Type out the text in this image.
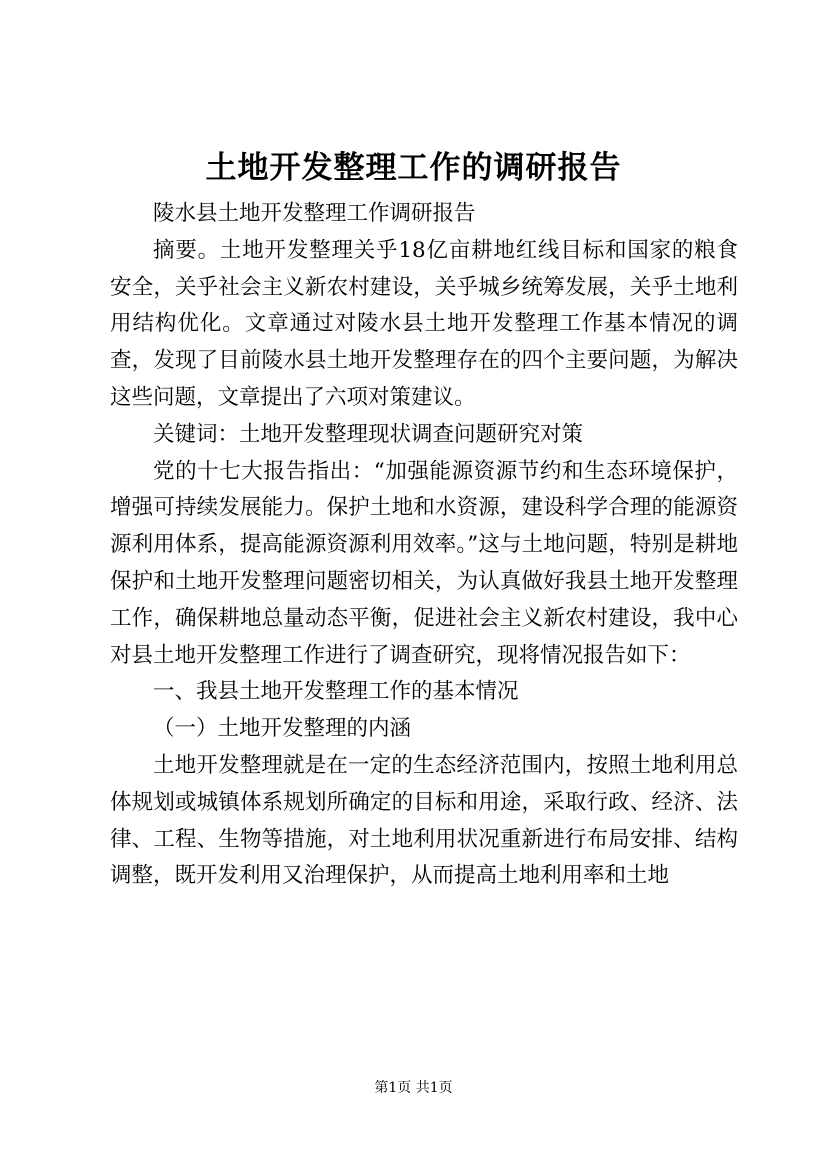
土地开发整理工作的调研报告

陵水县土地开发整理工作调研报告

摘要。土地开发整理关乎18亿亩耕地红线目标和国家的粮食安全，关乎社会主义新农村建设，关乎城乡统筹发展，关乎土地利用结构优化。文章通过对陵水县土地开发整理工作基本情况的调查，发现了目前陵水县土地开发整理存在的四个主要问题，为解决这些问题，文章提出了六项对策建议。

关键词：土地开发整理现状调查问题研究对策

党的十七大报告指出：“加强能源资源节约和生态环境保护，增强可持续发展能力。保护土地和水资源，建设科学合理的能源资源利用体系，提高能源资源利用效率。”这与土地问题，特别是耕地保护和土地开发整理问题密切相关，为认真做好我县土地开发整理工作，确保耕地总量动态平衡，促进社会主义新农村建设，我中心对县土地开发整理工作进行了调查研究，现将情况报告如下：

一、我县土地开发整理工作的基本情况

（一）土地开发整理的内涵

土地开发整理就是在一定的生态经济范围内，按照土地利用总体规划或城镇体系规划所确定的目标和用途，采取行政、经济、法律、工程、生物等措施，对土地利用状况重新进行布局安排、结构调整，既开发利用又治理保护，从而提高土地利用率和土地

第1页 共1页
